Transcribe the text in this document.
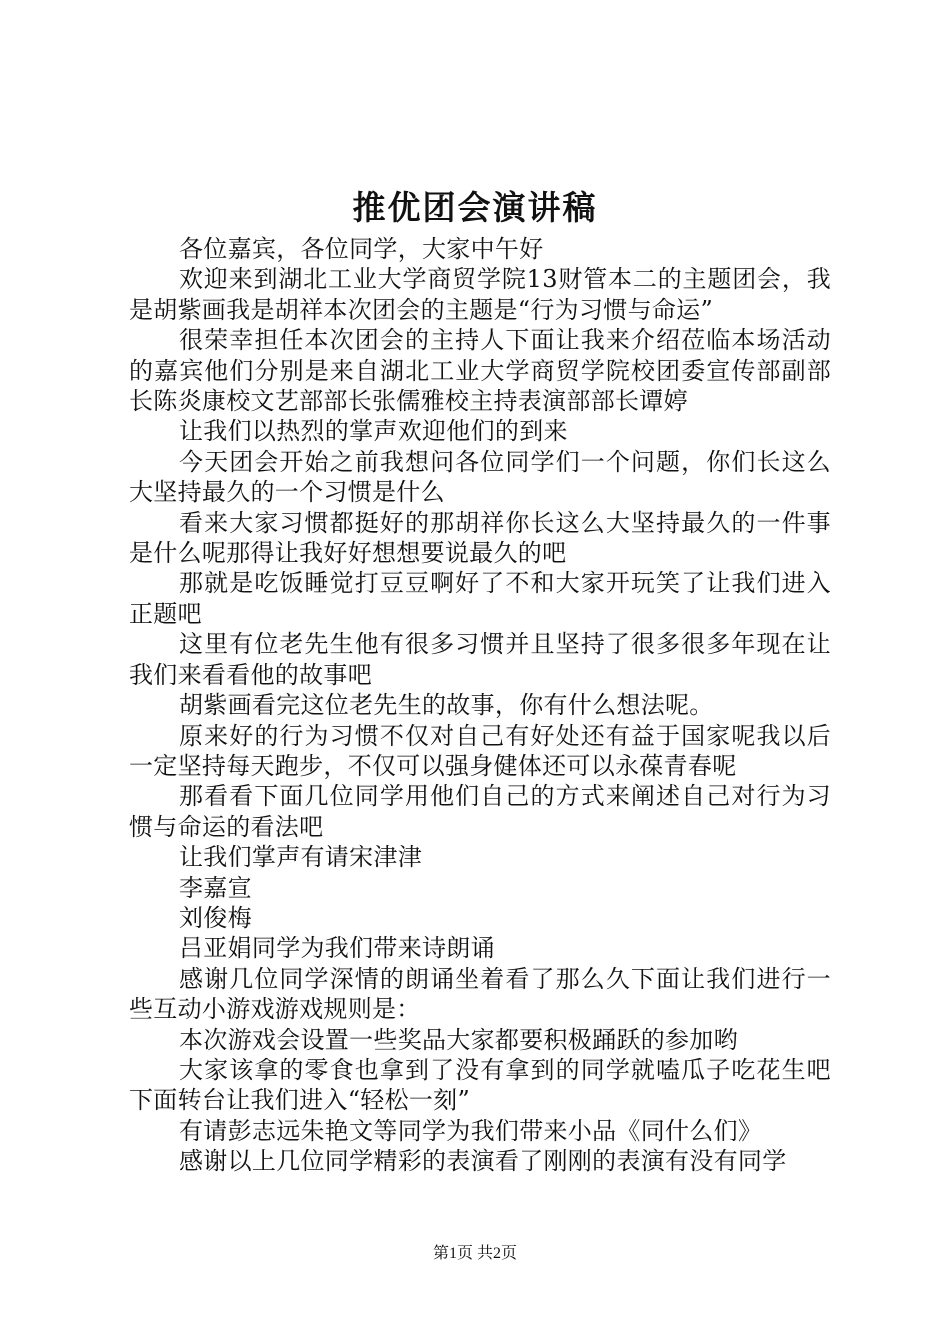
推优团会演讲稿

各位嘉宾，各位同学，大家中午好

欢迎来到湖北工业大学商贸学院13财管本二的主题团会，我是胡紫画我是胡祥本次团会的主题是“行为习惯与命运”

很荣幸担任本次团会的主持人下面让我来介绍莅临本场活动的嘉宾他们分别是来自湖北工业大学商贸学院校团委宣传部副部长陈炎康校文艺部部长张儒雅校主持表演部部长谭婷

让我们以热烈的掌声欢迎他们的到来

今天团会开始之前我想问各位同学们一个问题，你们长这么大坚持最久的一个习惯是什么

看来大家习惯都挺好的那胡祥你长这么大坚持最久的一件事是什么呢那得让我好好想想要说最久的吧

那就是吃饭睡觉打豆豆啊好了不和大家开玩笑了让我们进入正题吧

这里有位老先生他有很多习惯并且坚持了很多很多年现在让我们来看看他的故事吧

胡紫画看完这位老先生的故事，你有什么想法呢。

原来好的行为习惯不仅对自己有好处还有益于国家呢我以后一定坚持每天跑步，不仅可以强身健体还可以永葆青春呢

那看看下面几位同学用他们自己的方式来阐述自己对行为习惯与命运的看法吧

让我们掌声有请宋津津

李嘉宣

刘俊梅

吕亚娟同学为我们带来诗朗诵

感谢几位同学深情的朗诵坐着看了那么久下面让我们进行一些互动小游戏游戏规则是：

本次游戏会设置一些奖品大家都要积极踊跃的参加哟

大家该拿的零食也拿到了没有拿到的同学就嗑瓜子吃花生吧下面转台让我们进入“轻松一刻”

有请彭志远朱艳文等同学为我们带来小品《同什么们》

感谢以上几位同学精彩的表演看了刚刚的表演有没有同学

第1页 共2页
